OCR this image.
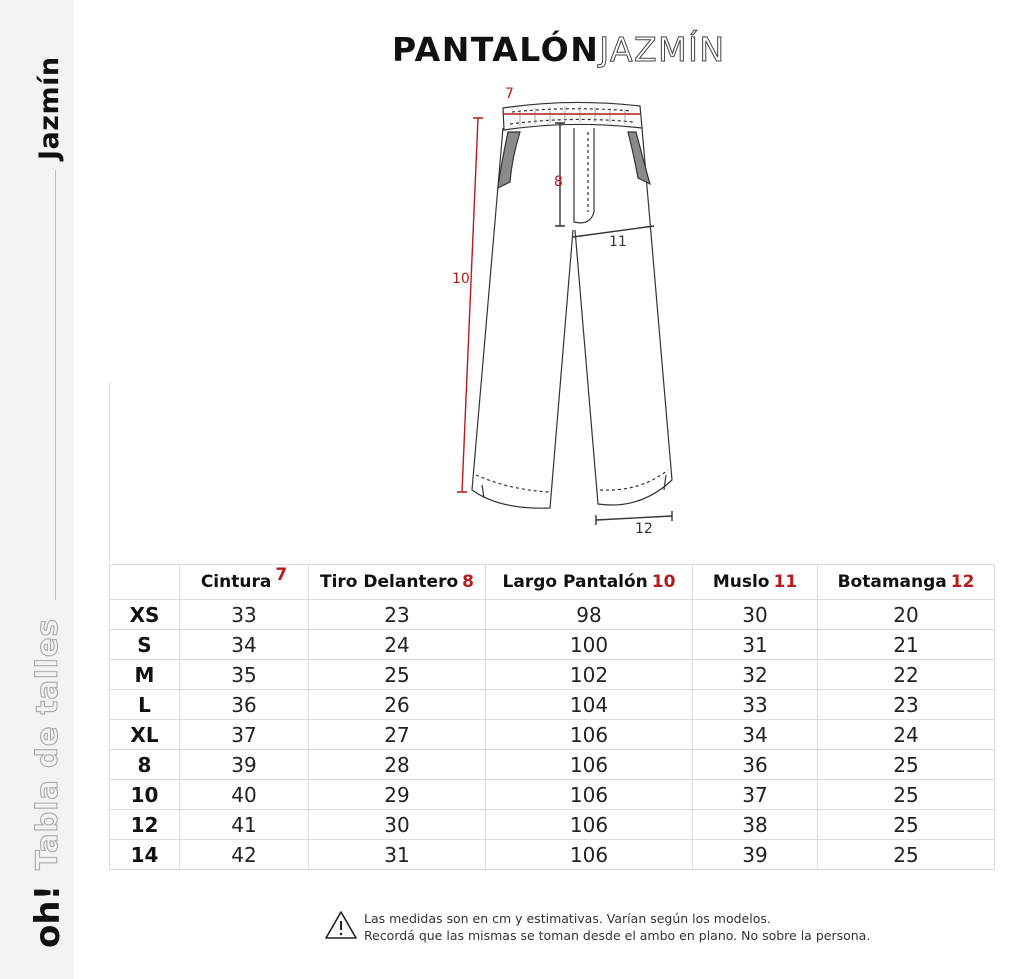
Jazmín
Tabla de talles
oh!
PANTALÓNJAZMÍN
7
8
10
11
12
	Cintura 7	Tiro Delantero 8	Largo Pantalón 10	Muslo 11	Botamanga 12
XS	33	23	98	30	20
S	34	24	100	31	21
M	35	25	102	32	22
L	36	26	104	33	23
XL	37	27	106	34	24
8	39	28	106	36	25
10	40	29	106	37	25
12	41	30	106	38	25
14	42	31	106	39	25
Las medidas son en cm y estimativas. Varían según los modelos.
Recordá que las mismas se toman desde el ambo en plano. No sobre la persona.
